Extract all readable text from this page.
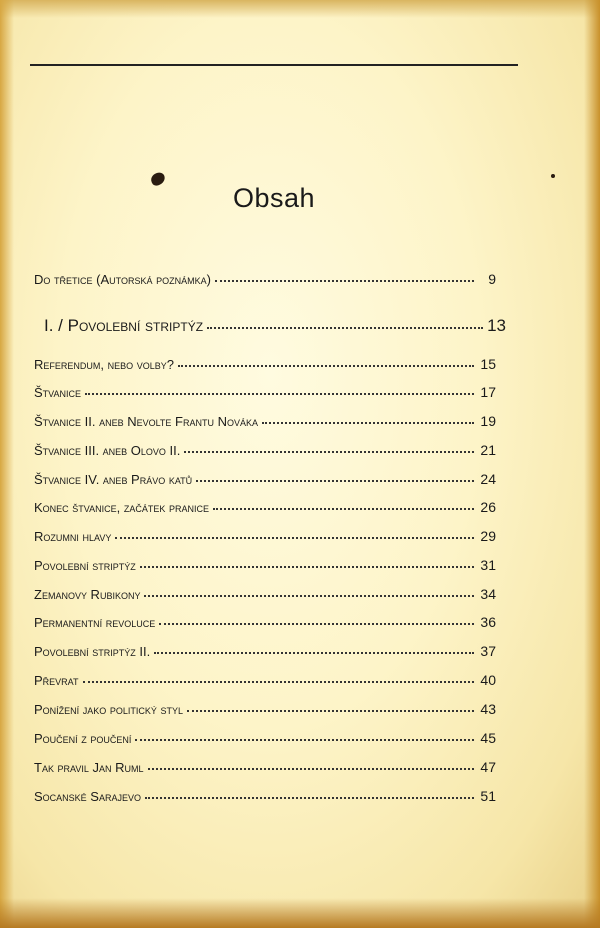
Obsah
Do třetice (Autorská poznámka)	9
I. / Povolební striptýz	13
Referendum, nebo volby?	15
Štvanice	17
Štvanice II. aneb Nevolte Frantu Nováka	19
Štvanice III. aneb Olovo II.	21
Štvanice IV. aneb Právo katů	24
Konec štvanice, začátek pranice	26
Rozumni hlavy	29
Povolební striptýz	31
Zemanovy Rubikony	34
Permanentní revoluce	36
Povolební striptýz II.	37
Převrat	40
Ponížení jako politický styl	43
Poučení z poučení	45
Tak pravil Jan Ruml	47
Socanské Sarajevo	51
